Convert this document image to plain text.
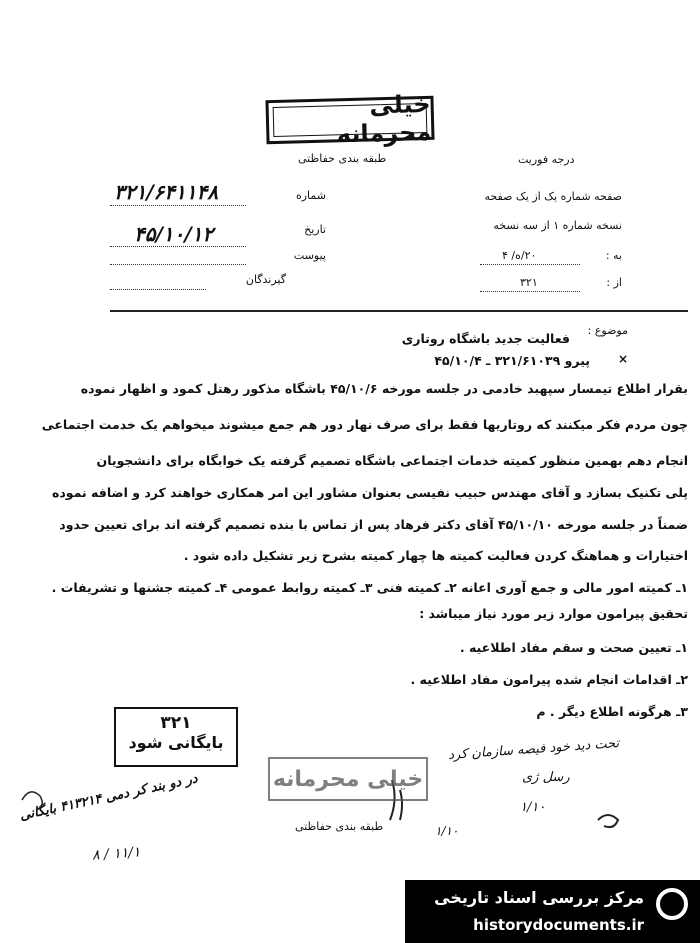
خیلی محرمانه
طبقه بندی حفاظتی	درجه فوریت
شماره
۳۲۱/۶۴۱۱۴۸
تاریخ
۴۵/۱۰/۱۲
پیوست
گیرندگان
صفحه شماره یک از یک صفحه
نسخه شماره ۱ از سه نسخه
به :
۲۰/ه/ ۴
از :
۳۲۱
موضوع :
فعالیت جدید باشگاه روتاری
پیرو ۳۲۱/۶۱۰۳۹ ـ ۴۵/۱۰/۴ ×
بقرار اطلاع تیمسار سپهبد خادمی در جلسه مورخه ۴۵/۱۰/۶ باشگاه مذکور رهتل کمود و اظهار نموده
چون مردم فکر میکنند که روتاریها فقط برای صرف نهار دور هم جمع میشوند میخواهم یک خدمت اجتماعی
انجام دهم بهمین منظور کمیته خدمات اجتماعی باشگاه تصمیم گرفته یک خوابگاه برای دانشجویان
پلی تکنیک بسازد و آقای مهندس حبیب نفیسی بعنوان مشاور این امر همکاری خواهند کرد و اضافه نموده
ضمناً در جلسه مورخه ۴۵/۱۰/۱۰ آقای دکتر فرهاد پس از تماس با بنده تصمیم گرفته اند برای تعیین حدود
اختیارات و هماهنگ کردن فعالیت کمیته ها چهار کمیته بشرح زیر تشکیل داده شود .
۱ـ کمیته امور مالی و جمع آوری اعانه ۲ـ کمیته فنی ۳ـ کمیته روابط عمومی ۴ـ کمیته جشنها و تشریفات .
تحقیق پیرامون موارد زیر مورد نیاز میباشد :
۱ـ تعیین صحت و سقم مفاد اطلاعیه .
۲ـ اقدامات انجام شده پیرامون مفاد اطلاعیه .
۳ـ هرگونه اطلاع دیگر . م
۳۲۱
بایگانی شود	تحت دید خود فیصه سازمان کرد
رسل ژی
۱/۱۰
۱/۱۰
در دو بند کر دمی ۴۱۳۲۱۴ بایگانی
۱۱/۱ / ۸
خیلی محرمانه
طبقه بندی حفاظتی
مرکز بررسی اسناد تاریخی
historydocuments.ir
